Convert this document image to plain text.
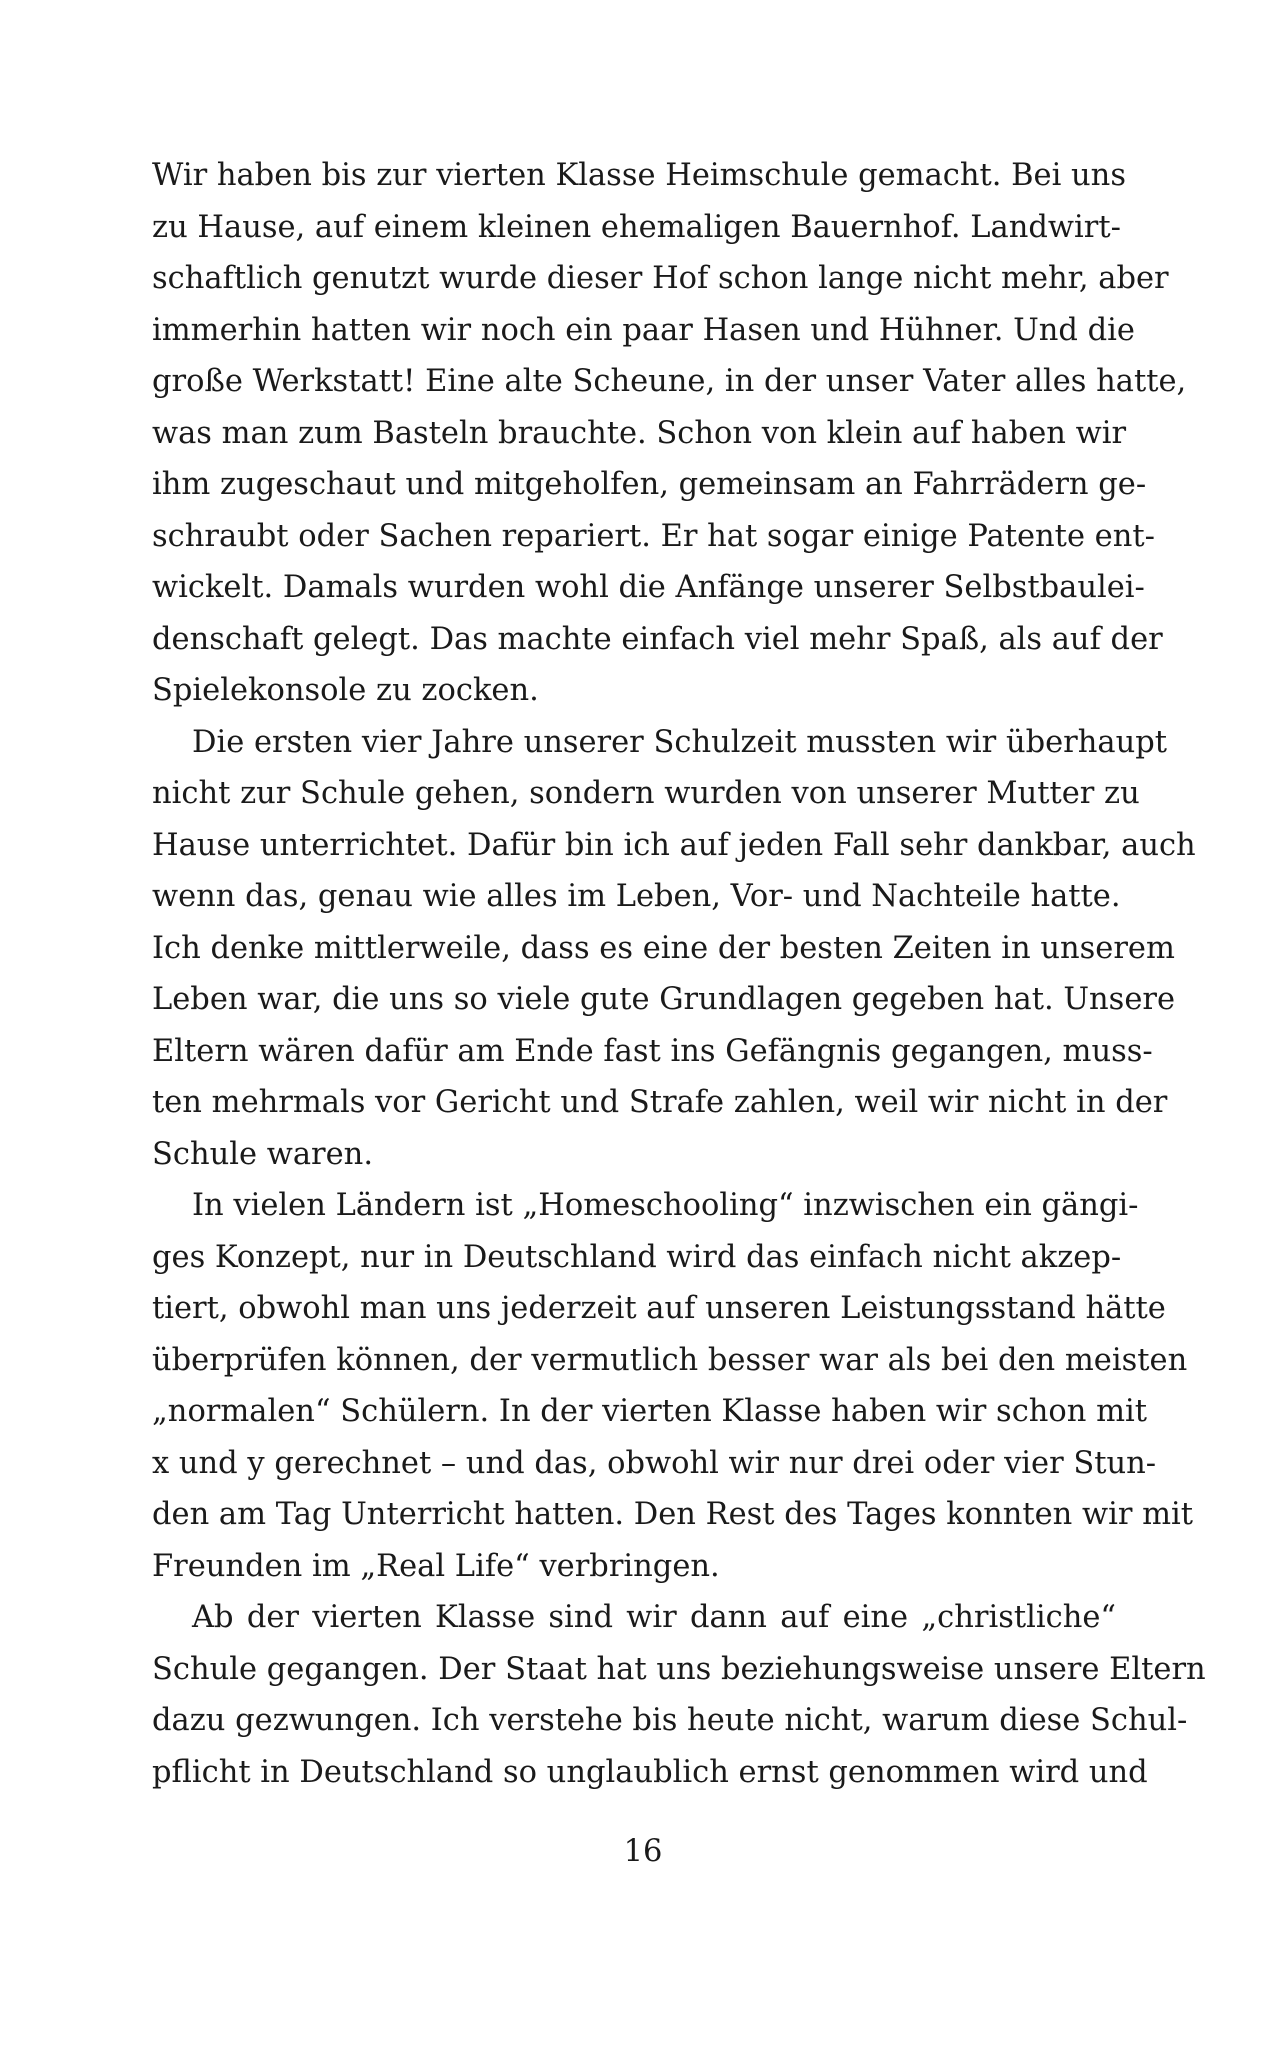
Wir haben bis zur vierten Klasse Heimschule gemacht. Bei uns
zu Hause, auf einem kleinen ehemaligen Bauernhof. Landwirt-
schaftlich genutzt wurde dieser Hof schon lange nicht mehr, aber
immerhin hatten wir noch ein paar Hasen und Hühner. Und die
große Werkstatt! Eine alte Scheune, in der unser Vater alles hatte,
was man zum Basteln brauchte. Schon von klein auf haben wir
ihm zugeschaut und mitgeholfen, gemeinsam an Fahrrädern ge-
schraubt oder Sachen repariert. Er hat sogar einige Patente ent-
wickelt. Damals wurden wohl die Anfänge unserer Selbstbaulei-
denschaft gelegt. Das machte einfach viel mehr Spaß, als auf der
Spielekonsole zu zocken.
Die ersten vier Jahre unserer Schulzeit mussten wir überhaupt
nicht zur Schule gehen, sondern wurden von unserer Mutter zu
Hause unterrichtet. Dafür bin ich auf jeden Fall sehr dankbar, auch
wenn das, genau wie alles im Leben, Vor- und Nachteile hatte.
Ich denke mittlerweile, dass es eine der besten Zeiten in unserem
Leben war, die uns so viele gute Grundlagen gegeben hat. Unsere
Eltern wären dafür am Ende fast ins Gefängnis gegangen, muss-
ten mehrmals vor Gericht und Strafe zahlen, weil wir nicht in der
Schule waren.
In vielen Ländern ist „Homeschooling“ inzwischen ein gängi-
ges Konzept, nur in Deutschland wird das einfach nicht akzep-
tiert, obwohl man uns jederzeit auf unseren Leistungsstand hätte
überprüfen können, der vermutlich besser war als bei den meisten
„normalen“ Schülern. In der vierten Klasse haben wir schon mit
x und y gerechnet – und das, obwohl wir nur drei oder vier Stun-
den am Tag Unterricht hatten. Den Rest des Tages konnten wir mit
Freunden im „Real Life“ verbringen.
Ab der vierten Klasse sind wir dann auf eine „christliche“
Schule gegangen. Der Staat hat uns beziehungsweise unsere Eltern
dazu gezwungen. Ich verstehe bis heute nicht, warum diese Schul-
pflicht in Deutschland so unglaublich ernst genommen wird und
16
